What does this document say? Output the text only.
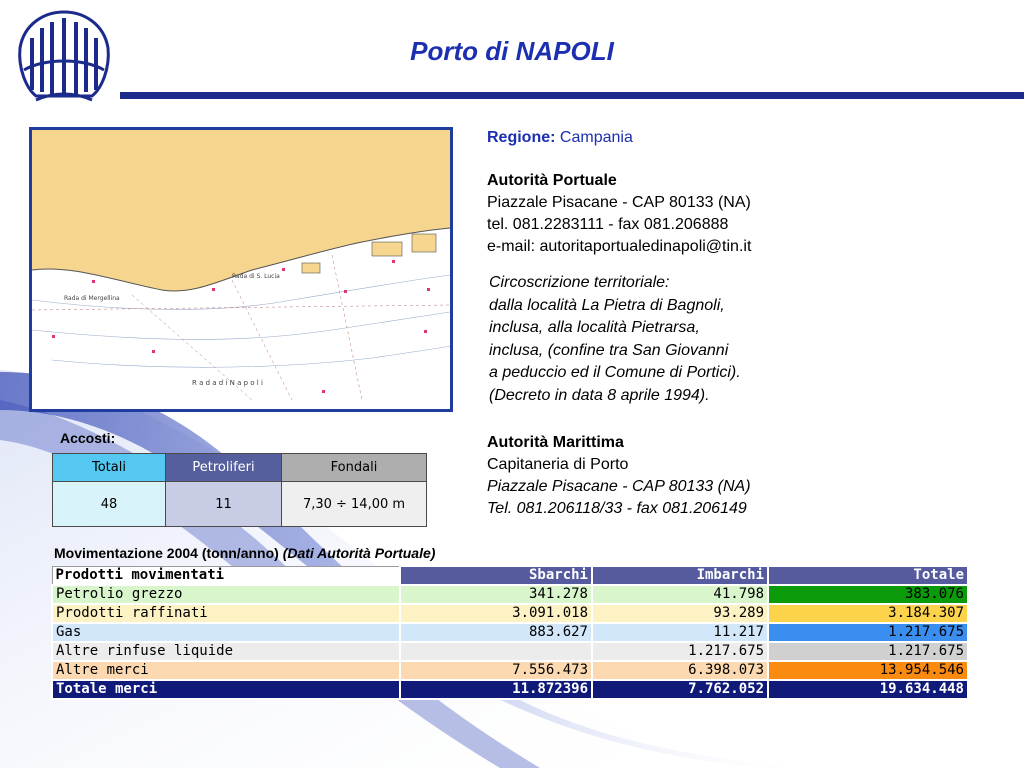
Porto di NAPOLI
Rada di Mergellina
Rada di S. Lucia
R a d a d i N a p o l i
Regione: Campania
Autorità Portuale
Piazzale Pisacane - CAP 80133 (NA)
tel. 081.2283111 - fax 081.206888
e-mail: autoritaportualedinapoli@tin.it
Circoscrizione territoriale:
dalla località La Pietra di Bagnoli,
inclusa, alla località Pietrarsa,
inclusa, (confine tra San Giovanni
a peduccio ed il Comune di Portici).
(Decreto in data 8 aprile 1994).
Autorità Marittima
Capitaneria di Porto
Piazzale Pisacane - CAP 80133 (NA)
Tel. 081.206118/33 - fax 081.206149
Accosti:
Totali	Petroliferi	Fondali
48	11	7,30 ÷ 14,00 m
Movimentazione 2004 (tonn/anno) (Dati Autorità Portuale)
Prodotti movimentati	Sbarchi	Imbarchi	Totale
Petrolio grezzo	341.278	41.798	383.076
Prodotti raffinati	3.091.018	93.289	3.184.307
Gas	883.627	11.217	1.217.675
Altre rinfuse liquide		1.217.675	1.217.675
Altre merci	7.556.473	6.398.073	13.954.546
Totale merci	11.872396	7.762.052	19.634.448
